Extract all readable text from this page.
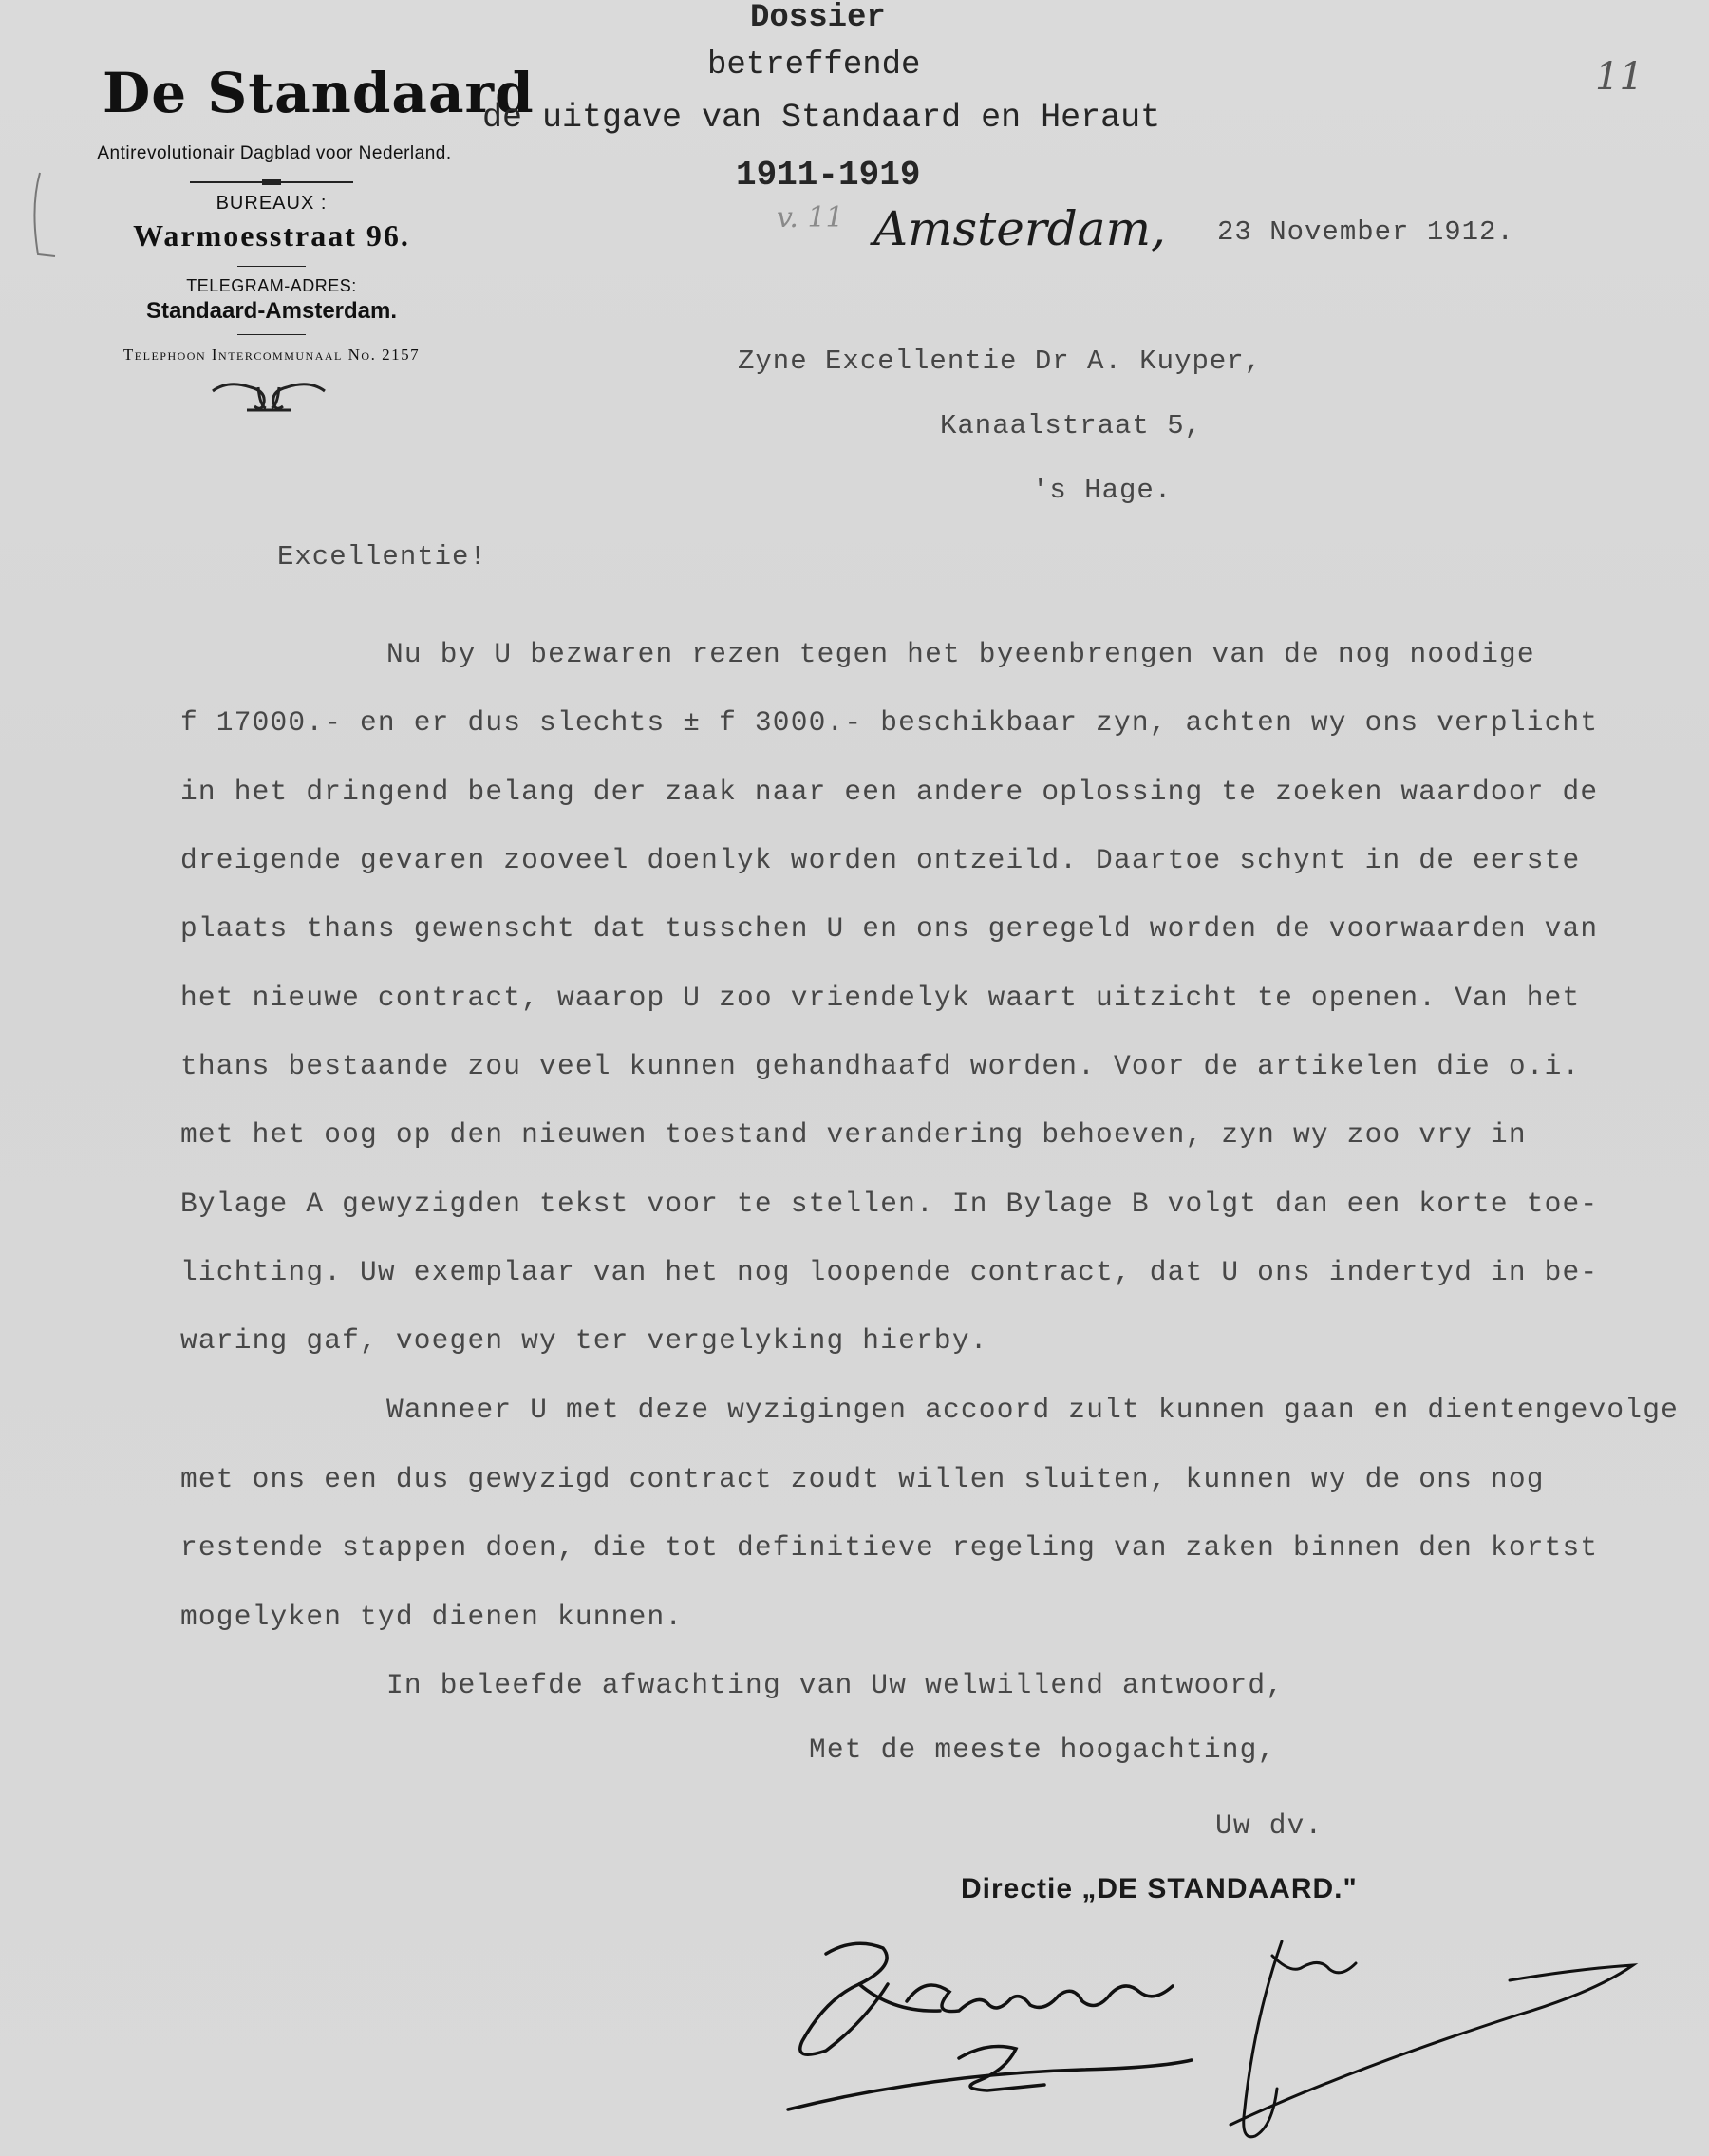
De Standaard
Antirevolutionair Dagblad voor Nederland.
BUREAUX :
Warmoesstraat 96.
TELEGRAM-ADRES:
Standaard-Amsterdam.
Telephoon Intercommunaal No. 2157
Dossier
betreffende
de uitgave van Standaard en Heraut
1911-1919
11
v. 11 Amsterdam, 23 November 1912.
Zyne Excellentie Dr A. Kuyper,
Kanaalstraat 5,
's Hage.
Excellentie!
Nu by U bezwaren rezen tegen het byeenbrengen van de nog noodige
f 17000.- en er dus slechts ± f 3000.- beschikbaar zyn, achten wy ons verplicht
in het dringend belang der zaak naar een andere oplossing te zoeken waardoor de
dreigende gevaren zooveel doenlyk worden ontzeild. Daartoe schynt in de eerste
plaats thans gewenscht dat tusschen U en ons geregeld worden de voorwaarden van
het nieuwe contract, waarop U zoo vriendelyk waart uitzicht te openen. Van het
thans bestaande zou veel kunnen gehandhaafd worden. Voor de artikelen die o.i.
met het oog op den nieuwen toestand verandering behoeven, zyn wy zoo vry in
Bylage A gewyzigden tekst voor te stellen. In Bylage B volgt dan een korte toe-
lichting. Uw exemplaar van het nog loopende contract, dat U ons indertyd in be-
waring gaf, voegen wy ter vergelyking hierby.
Wanneer U met deze wyzigingen accoord zult kunnen gaan en dientengevolge
met ons een dus gewyzigd contract zoudt willen sluiten, kunnen wy de ons nog
restende stappen doen, die tot definitieve regeling van zaken binnen den kortst
mogelyken tyd dienen kunnen.
In beleefde afwachting van Uw welwillend antwoord,
Met de meeste hoogachting,
Uw dv.
Directie „DE STANDAARD."
